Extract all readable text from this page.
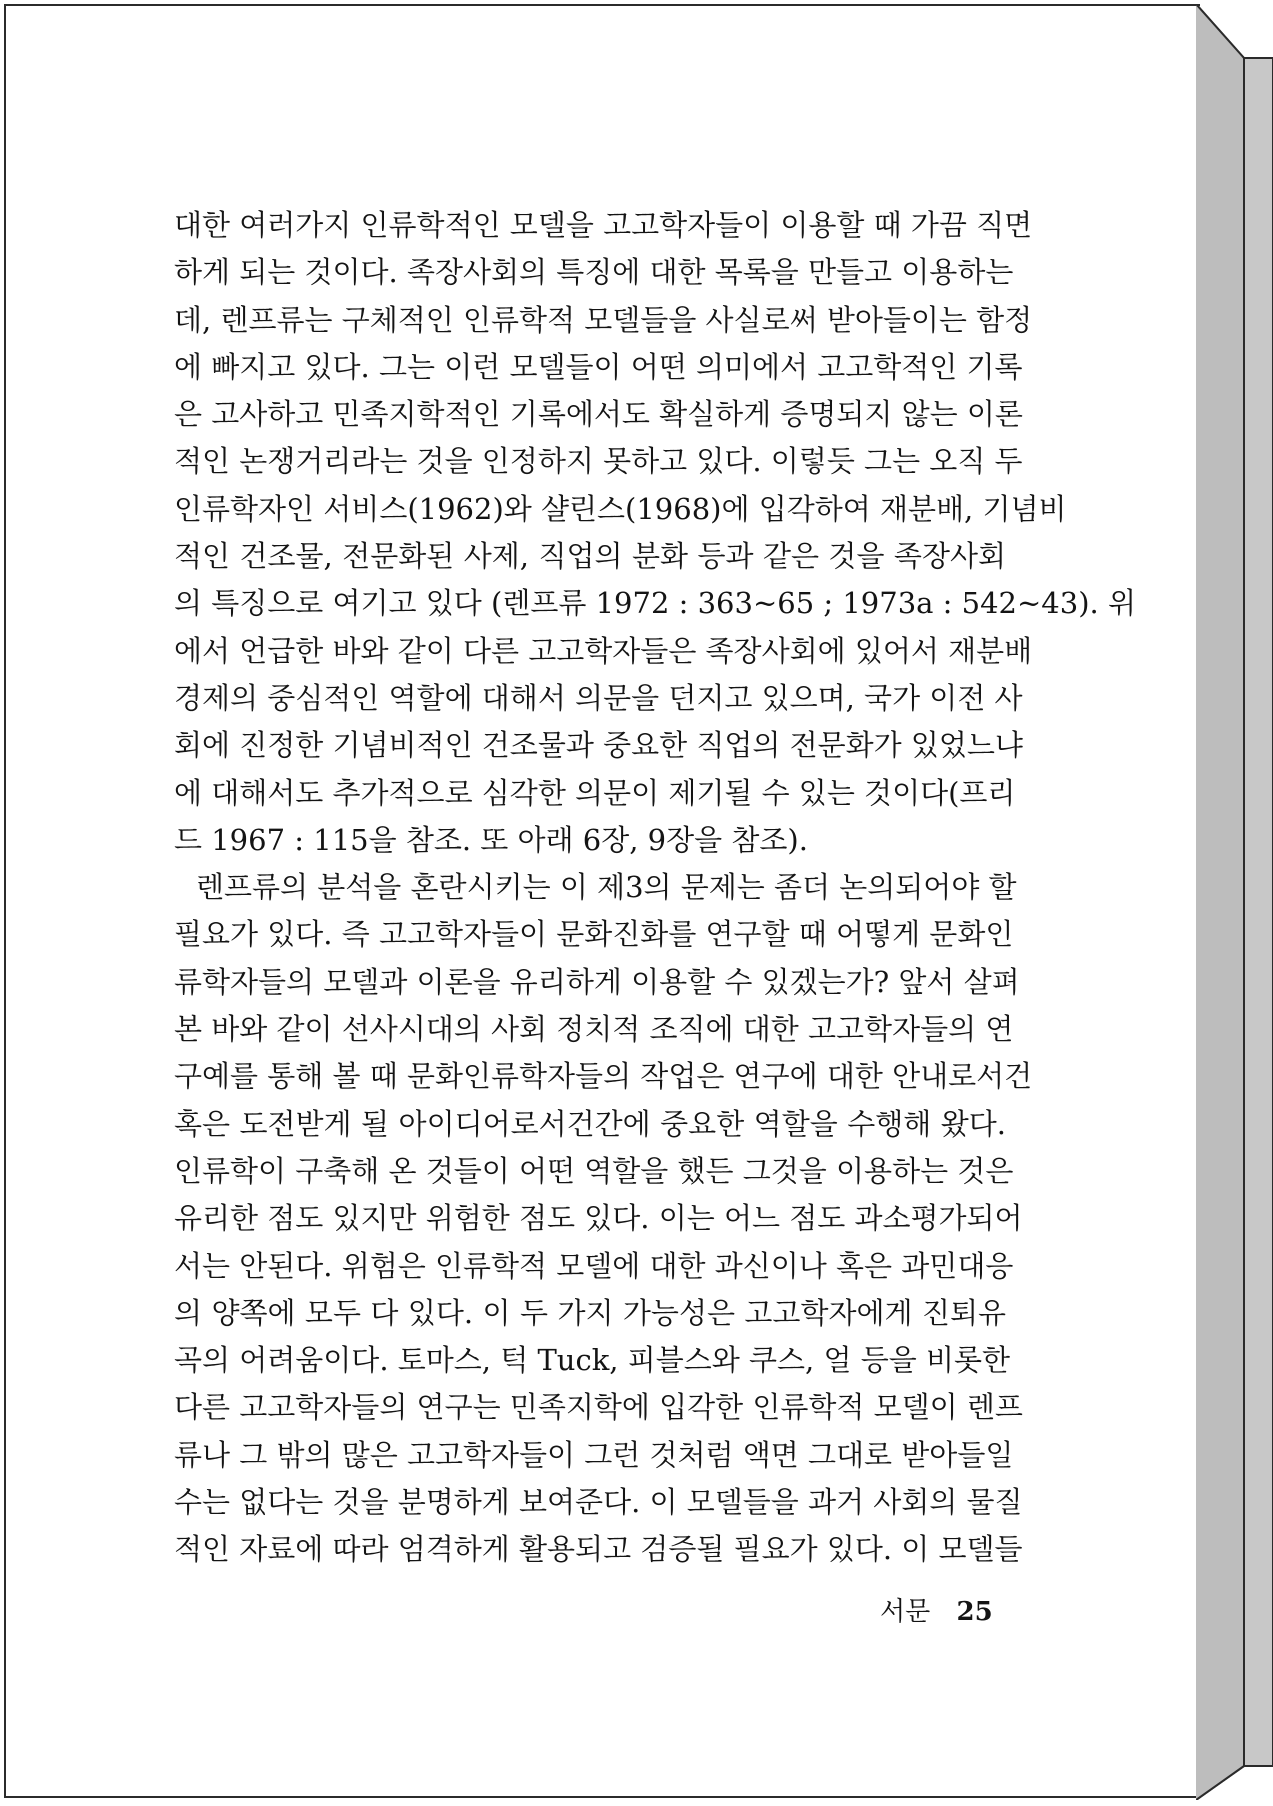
대한 여러가지 인류학적인 모델을 고고학자들이 이용할 때 가끔 직면
하게 되는 것이다. 족장사회의 특징에 대한 목록을 만들고 이용하는
데, 렌프류는 구체적인 인류학적 모델들을 사실로써 받아들이는 함정
에 빠지고 있다. 그는 이런 모델들이 어떤 의미에서 고고학적인 기록
은 고사하고 민족지학적인 기록에서도 확실하게 증명되지 않는 이론
적인 논쟁거리라는 것을 인정하지 못하고 있다. 이렇듯 그는 오직 두
인류학자인 서비스(1962)와 샬린스(1968)에 입각하여 재분배, 기념비
적인 건조물, 전문화된 사제, 직업의 분화 등과 같은 것을 족장사회
의 특징으로 여기고 있다 (렌프류 1972 : 363~65 ; 1973a : 542~43). 위
에서 언급한 바와 같이 다른 고고학자들은 족장사회에 있어서 재분배
경제의 중심적인 역할에 대해서 의문을 던지고 있으며, 국가 이전 사
회에 진정한 기념비적인 건조물과 중요한 직업의 전문화가 있었느냐
에 대해서도 추가적으로 심각한 의문이 제기될 수 있는 것이다(프리
드 1967 : 115을 참조. 또 아래 6장, 9장을 참조).
렌프류의 분석을 혼란시키는 이 제3의 문제는 좀더 논의되어야 할
필요가 있다. 즉 고고학자들이 문화진화를 연구할 때 어떻게 문화인
류학자들의 모델과 이론을 유리하게 이용할 수 있겠는가? 앞서 살펴
본 바와 같이 선사시대의 사회 정치적 조직에 대한 고고학자들의 연
구예를 통해 볼 때 문화인류학자들의 작업은 연구에 대한 안내로서건
혹은 도전받게 될 아이디어로서건간에 중요한 역할을 수행해 왔다.
인류학이 구축해 온 것들이 어떤 역할을 했든 그것을 이용하는 것은
유리한 점도 있지만 위험한 점도 있다. 이는 어느 점도 과소평가되어
서는 안된다. 위험은 인류학적 모델에 대한 과신이나 혹은 과민대응
의 양쪽에 모두 다 있다. 이 두 가지 가능성은 고고학자에게 진퇴유
곡의 어려움이다. 토마스, 턱 Tuck, 피블스와 쿠스, 얼 등을 비롯한
다른 고고학자들의 연구는 민족지학에 입각한 인류학적 모델이 렌프
류나 그 밖의 많은 고고학자들이 그런 것처럼 액면 그대로 받아들일
수는 없다는 것을 분명하게 보여준다. 이 모델들을 과거 사회의 물질
적인 자료에 따라 엄격하게 활용되고 검증될 필요가 있다. 이 모델들
서문 25
